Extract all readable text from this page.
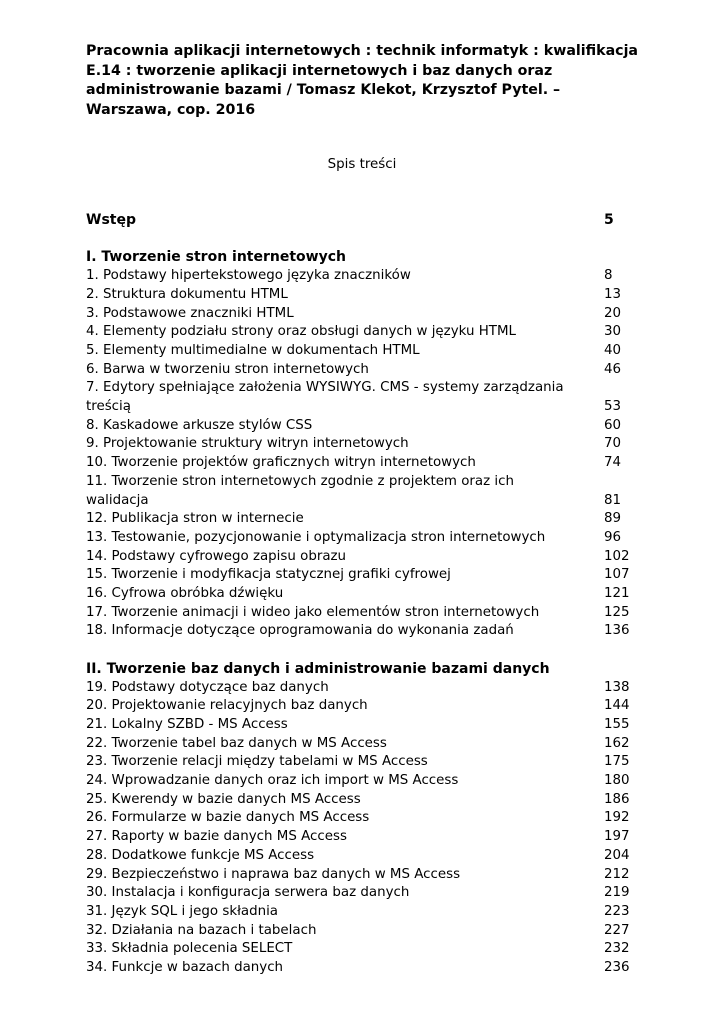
Pracownia aplikacji internetowych : technik informatyk : kwalifikacja E.14 : tworzenie aplikacji internetowych i baz danych oraz administrowanie bazami / Tomasz Klekot, Krzysztof Pytel. – Warszawa, cop. 2016
Spis treści
Wstęp	5
I. Tworzenie stron internetowych
1. Podstawy hipertekstowego języka znaczników	8
2. Struktura dokumentu HTML	13
3. Podstawowe znaczniki HTML	20
4. Elementy podziału strony oraz obsługi danych w języku HTML	30
5. Elementy multimedialne w dokumentach HTML	40
6. Barwa w tworzeniu stron internetowych	46
7. Edytory spełniające założenia WYSIWYG. CMS - systemy zarządzania treścią	53
8. Kaskadowe arkusze stylów CSS	60
9. Projektowanie struktury witryn internetowych	70
10. Tworzenie projektów graficznych witryn internetowych	74
11. Tworzenie stron internetowych zgodnie z projektem oraz ich walidacja	81
12. Publikacja stron w internecie	89
13. Testowanie, pozycjonowanie i optymalizacja stron internetowych	96
14. Podstawy cyfrowego zapisu obrazu	102
15. Tworzenie i modyfikacja statycznej grafiki cyfrowej	107
16. Cyfrowa obróbka dźwięku	121
17. Tworzenie animacji i wideo jako elementów stron internetowych	125
18. Informacje dotyczące oprogramowania do wykonania zadań	136
II. Tworzenie baz danych i administrowanie bazami danych
19. Podstawy dotyczące baz danych	138
20. Projektowanie relacyjnych baz danych	144
21. Lokalny SZBD - MS Access	155
22. Tworzenie tabel baz danych w MS Access	162
23. Tworzenie relacji między tabelami w MS Access	175
24. Wprowadzanie danych oraz ich import w MS Access	180
25. Kwerendy w bazie danych MS Access	186
26. Formularze w bazie danych MS Access	192
27. Raporty w bazie danych MS Access	197
28. Dodatkowe funkcje MS Access	204
29. Bezpieczeństwo i naprawa baz danych w MS Access	212
30. Instalacja i konfiguracja serwera baz danych	219
31. Język SQL i jego składnia	223
32. Działania na bazach i tabelach	227
33. Składnia polecenia SELECT	232
34. Funkcje w bazach danych	236
